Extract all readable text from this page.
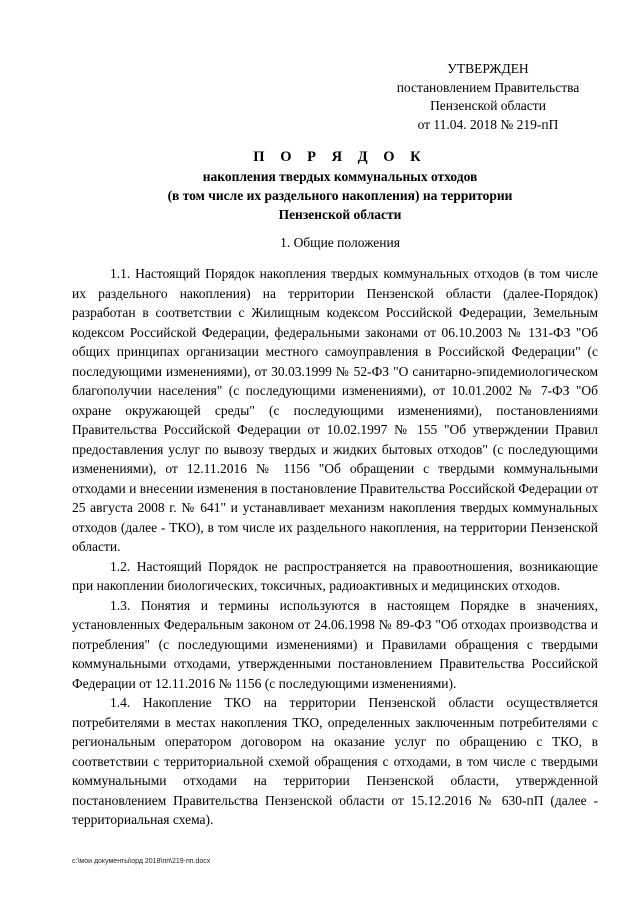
УТВЕРЖДЕН
постановлением Правительства
Пензенской области
от 11.04. 2018 № 219-пП
П О Р Я Д О К
накопления твердых коммунальных отходов
(в том числе их раздельного накопления) на территории
Пензенской области
1. Общие положения

1.1. Настоящий Порядок накопления твердых коммунальных отходов (в том числе их раздельного накопления) на территории Пензенской области (далее-Порядок) разработан в соответствии с Жилищным кодексом Российской Федерации, Земельным кодексом Российской Федерации, федеральными законами от 06.10.2003 № 131-ФЗ "Об общих принципах организации местного самоуправления в Российской Федерации" (с последующими изменениями), от 30.03.1999 № 52-ФЗ "О санитарно-эпидемиологическом благополучии населения" (с последующими изменениями), от 10.01.2002 № 7-ФЗ "Об охране окружающей среды" (с последующими изменениями), постановлениями Правительства Российской Федерации от 10.02.1997 № 155 "Об утверждении Правил предоставления услуг по вывозу твердых и жидких бытовых отходов" (с последующими изменениями), от 12.11.2016 № 1156 "Об обращении с твердыми коммунальными отходами и внесении изменения в постановление Правительства Российской Федерации от 25 августа 2008 г. № 641" и устанавливает механизм накопления твердых коммунальных отходов (далее - ТКО), в том числе их раздельного накопления, на территории Пензенской области.

1.2. Настоящий Порядок не распространяется на правоотношения, возникающие при накоплении биологических, токсичных, радиоактивных и медицинских отходов.

1.3. Понятия и термины используются в настоящем Порядке в значениях, установленных Федеральным законом от 24.06.1998 № 89-ФЗ "Об отходах производства и потребления" (с последующими изменениями) и Правилами обращения с твердыми коммунальными отходами, утвержденными постановлением Правительства Российской Федерации от 12.11.2016 № 1156 (с последующими изменениями).

1.4. Накопление ТКО на территории Пензенской области осуществляется потребителями в местах накопления ТКО, определенных заключенным потребителями с региональным оператором договором на оказание услуг по обращению с ТКО, в соответствии с территориальной схемой обращения с отходами, в том числе с твердыми коммунальными отходами на территории Пензенской области, утвержденной постановлением Правительства Пензенской области от 15.12.2016 № 630-пП (далее - территориальная схема).

с:\мои документы\орд 2018\пп\219-пп.docx
